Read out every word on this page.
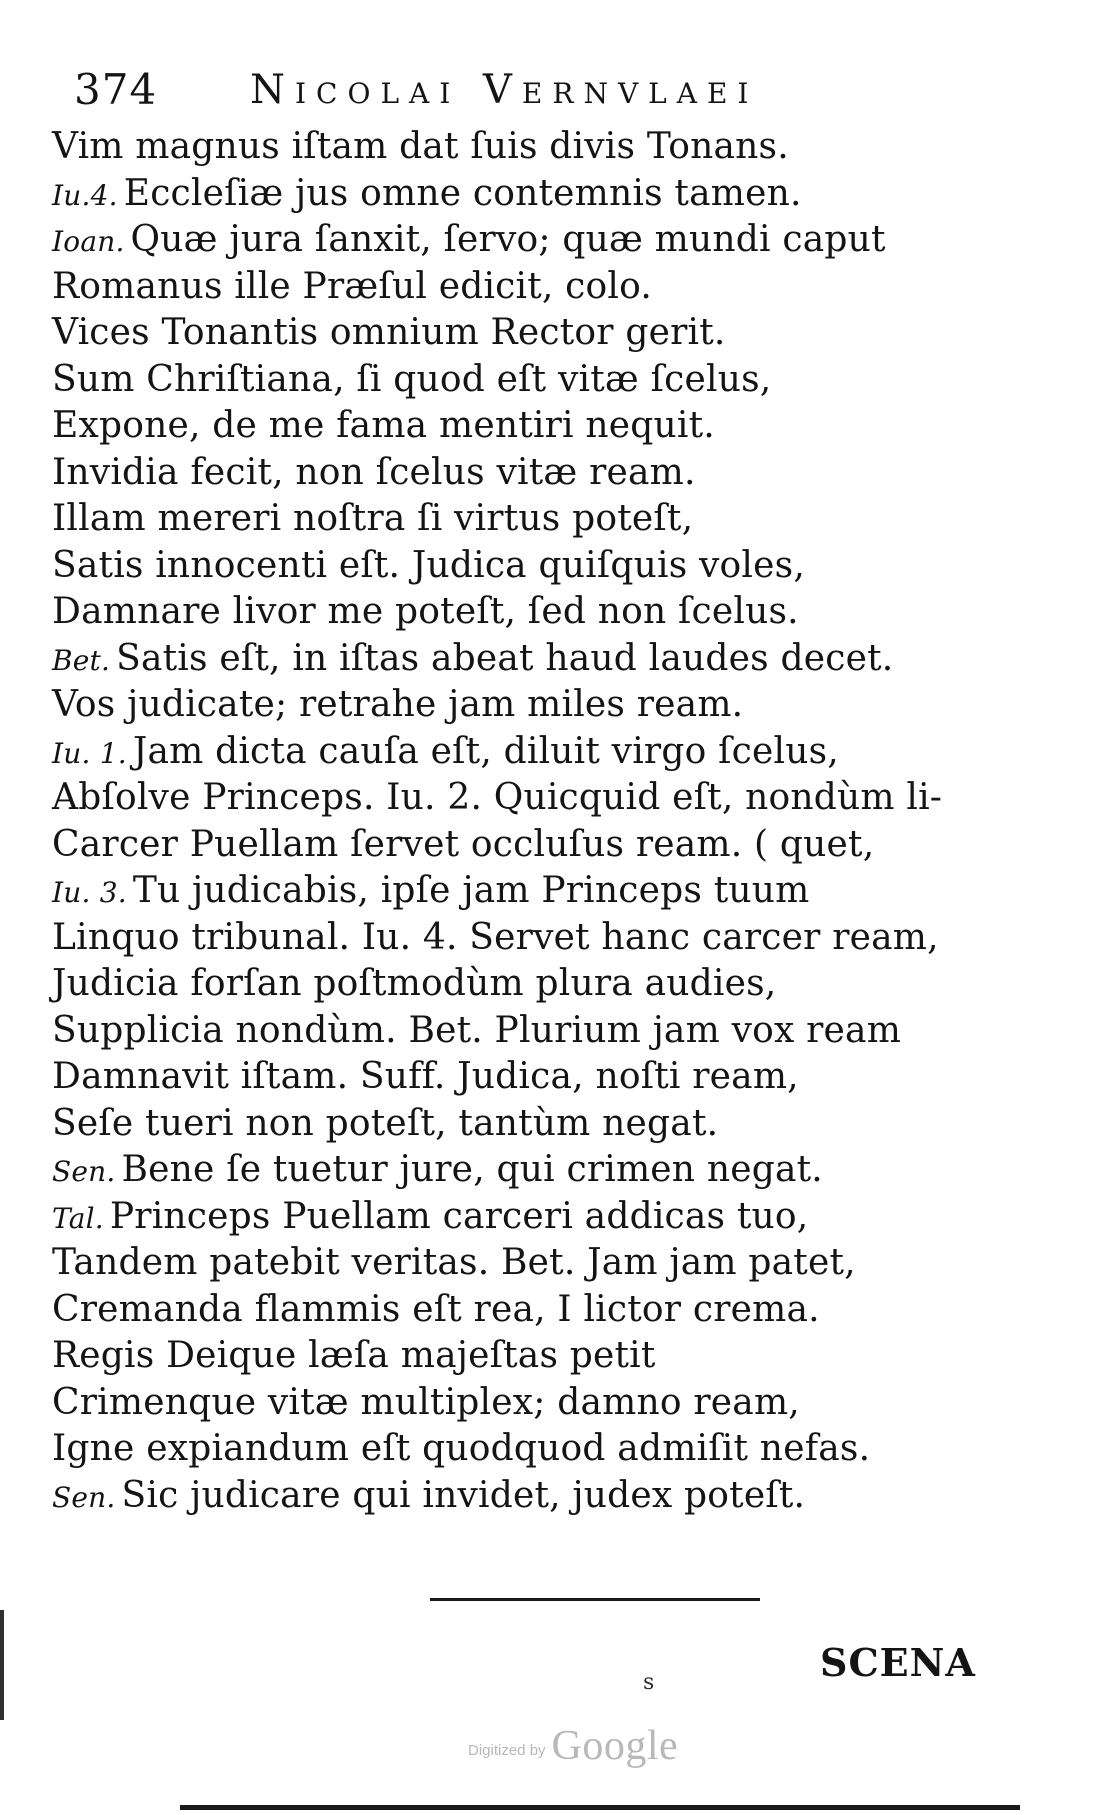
374 Nicolai Vernvlaei
Vim magnus iſtam dat ſuis divis Tonans.
Iu.4. Eccleſiæ jus omne contemnis tamen.
Ioan. Quæ jura ſanxit, ſervo; quæ mundi caput
Romanus ille Præſul edicit, colo.
Vices Tonantis omnium Rector gerit.
Sum Chriſtiana, ſi quod eſt vitæ ſcelus,
Expone, de me fama mentiri nequit.
Invidia fecit, non ſcelus vitæ ream.
Illam mereri noſtra ſi virtus poteſt,
Satis innocenti eſt. Judica quiſquis voles,
Damnare livor me poteſt, ſed non ſcelus.
Bet. Satis eſt, in iſtas abeat haud laudes decet.
Vos judicate; retrahe jam miles ream.
Iu. 1. Jam dicta cauſa eſt, diluit virgo ſcelus,
Abſolve Princeps. Iu. 2. Quicquid eſt, nondùm li-
Carcer Puellam ſervet occluſus ream. ( quet,
Iu. 3. Tu judicabis, ipſe jam Princeps tuum
Linquo tribunal. Iu. 4. Servet hanc carcer ream,
Judicia forſan poſtmodùm plura audies,
Supplicia nondùm. Bet. Plurium jam vox ream
Damnavit iſtam. Suff. Judica, noſti ream,
Seſe tueri non poteſt, tantùm negat.
Sen. Bene ſe tuetur jure, qui crimen negat.
Tal. Princeps Puellam carceri addicas tuo,
Tandem patebit veritas. Bet. Jam jam patet,
Cremanda flammis eſt rea, I lictor crema.
Regis Deique læſa majeſtas petit
Crimenque vitæ multiplex; damno ream,
Igne expiandum eſt quodquod admiſit nefas.
Sen. Sic judicare qui invidet, judex poteſt.
SCENA
s
Digitized by Google
